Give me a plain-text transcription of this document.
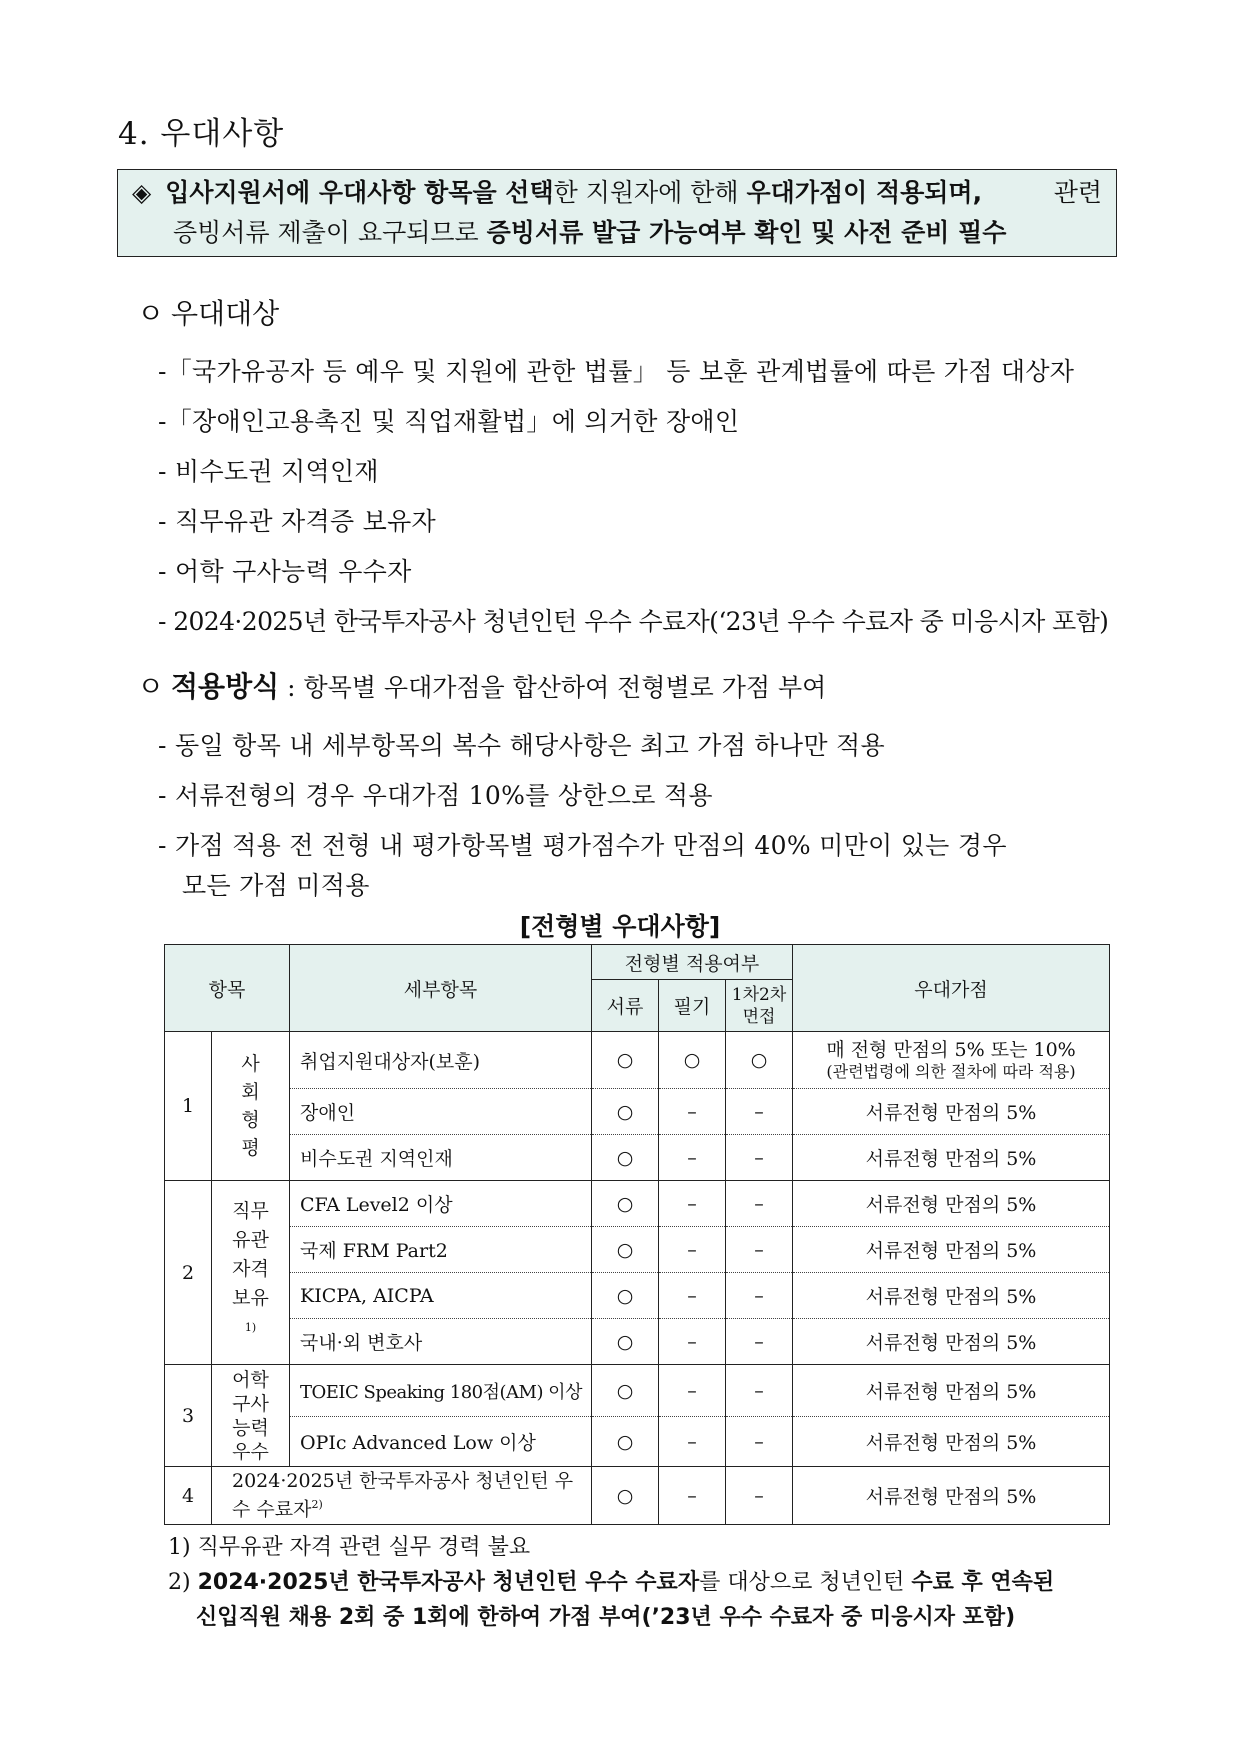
4. 우대사항
◈ 입사지원서에 우대사항 항목을 선택한 지원자에 한해 우대가점이 적용되며,	관련
증빙서류 제출이 요구되므로 증빙서류 발급 가능여부 확인 및 사전 준비 필수
ㅇ 우대대상
-「국가유공자 등 예우 및 지원에 관한 법률」 등 보훈 관계법률에 따른 가점 대상자
-「장애인고용촉진 및 직업재활법」에 의거한 장애인
- 비수도권 지역인재
- 직무유관 자격증 보유자
- 어학 구사능력 우수자
- 2024·2025년 한국투자공사 청년인턴 우수 수료자(‘23년 우수 수료자 중 미응시자 포함)
ㅇ 적용방식 : 항목별 우대가점을 합산하여 전형별로 가점 부여
- 동일 항목 내 세부항목의 복수 해당사항은 최고 가점 하나만 적용
- 서류전형의 경우 우대가점 10%를 상한으로 적용
- 가점 적용 전 전형 내 평가항목별 평가점수가 만점의 40% 미만이 있는 경우
모든 가점 미적용
[전형별 우대사항]
항목		세부항목	전형별 적용여부			우대가점
			서류	필기	1차2차 면접	
1	사회 형평	취업지원대상자(보훈)	○	○	○	매 전형 만점의 5% 또는 10%
(관련법령에 의한 절차에 따라 적용)

		장애인	○	–	–	서류전형 만점의 5%
		비수도권 지역인재	○	–	–	서류전형 만점의 5%
2	직무 유관 자격 보유$^{1)}$	CFA Level2 이상	○	–	–	서류전형 만점의 5%
		국제 FRM Part2	○	–	–	서류전형 만점의 5%
		KICPA, AICPA	○	–	–	서류전형 만점의 5%
		국내·외 변호사	○	–	–	서류전형 만점의 5%
3	어학 구사 능력 우수	TOEIC Speaking 180점(AM) 이상	○	–	–	서류전형 만점의 5%
		OPIc Advanced Low 이상	○	–	–	서류전형 만점의 5%
4	2024·2025년 한국투자공사 청년인턴 우수 수료자$^{2)}$		○	–	–	서류전형 만점의 5%
1) 직무유관 자격 관련 실무 경력 불요
2) 2024·2025년 한국투자공사 청년인턴 우수 수료자를 대상으로 청년인턴 수료 후 연속된
신입직원 채용 2회 중 1회에 한하여 가점 부여(’23년 우수 수료자 중 미응시자 포함)
